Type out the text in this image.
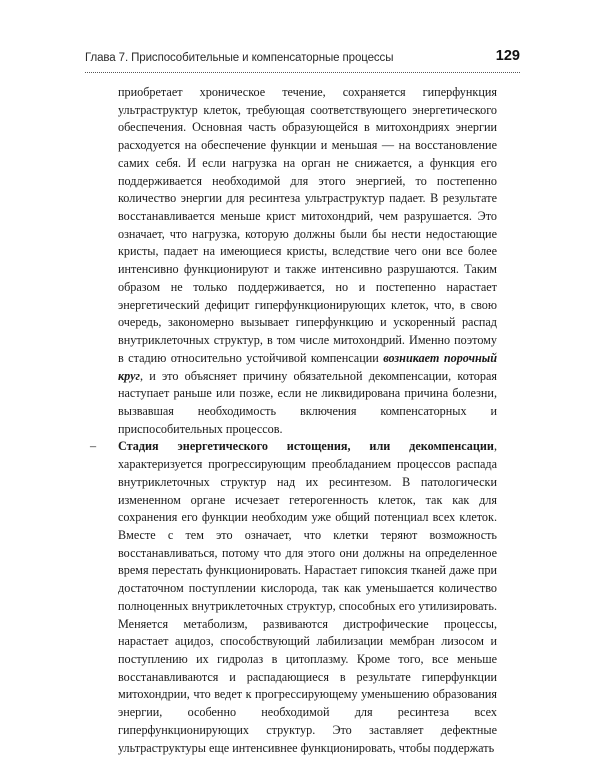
Глава 7. Приспособительные и компенсаторные процессы	129

приобретает хроническое течение, сохраняется гиперфункция ультраструктур клеток, требующая соответствующего энергетического обеспечения. Основная часть образующейся в митохондриях энергии расходуется на обеспечение функции и меньшая — на восстановление самих себя. И если нагрузка на орган не снижается, а функция его поддерживается необходимой для этого энергией, то постепенно количество энергии для ресинтеза ультраструктур падает. В результате восстанавливается меньше крист митохондрий, чем разрушается. Это означает, что нагрузка, которую должны были бы нести недостающие кристы, падает на имеющиеся кристы, вследствие чего они все более интенсивно функционируют и также интенсивно разрушаются. Таким образом не только поддерживается, но и постепенно нарастает энергетический дефицит гиперфункционирующих клеток, что, в свою очередь, закономерно вызывает гиперфункцию и ускоренный распад внутриклеточных структур, в том числе митохондрий. Именно поэтому в стадию относительно устойчивой компенсации возникает порочный круг, и это объясняет причину обязательной декомпенсации, которая наступает раньше или позже, если не ликвидирована причина болезни, вызвавшая необходимость включения компенсаторных и приспособительных процессов.

– Стадия энергетического истощения, или декомпенсации, характеризуется прогрессирующим преобладанием процессов распада внутриклеточных структур над их ресинтезом. В патологически измененном органе исчезает гетерогенность клеток, так как для сохранения его функции необходим уже общий потенциал всех клеток. Вместе с тем это означает, что клетки теряют возможность восстанавливаться, потому что для этого они должны на определенное время перестать функционировать. Нарастает гипоксия тканей даже при достаточном поступлении кислорода, так как уменьшается количество полноценных внутриклеточных структур, способных его утилизировать. Меняется метаболизм, развиваются дистрофические процессы, нарастает ацидоз, способствующий лабилизации мембран лизосом и поступлению их гидролаз в цитоплазму. Кроме того, все меньше восстанавливаются и распадающиеся в результате гиперфункции митохондрии, что ведет к прогрессирующему уменьшению образования энергии, особенно необходимой для ресинтеза всех гиперфункционирующих структур. Это заставляет дефектные ультраструктуры еще интенсивнее функционировать, чтобы поддержать
